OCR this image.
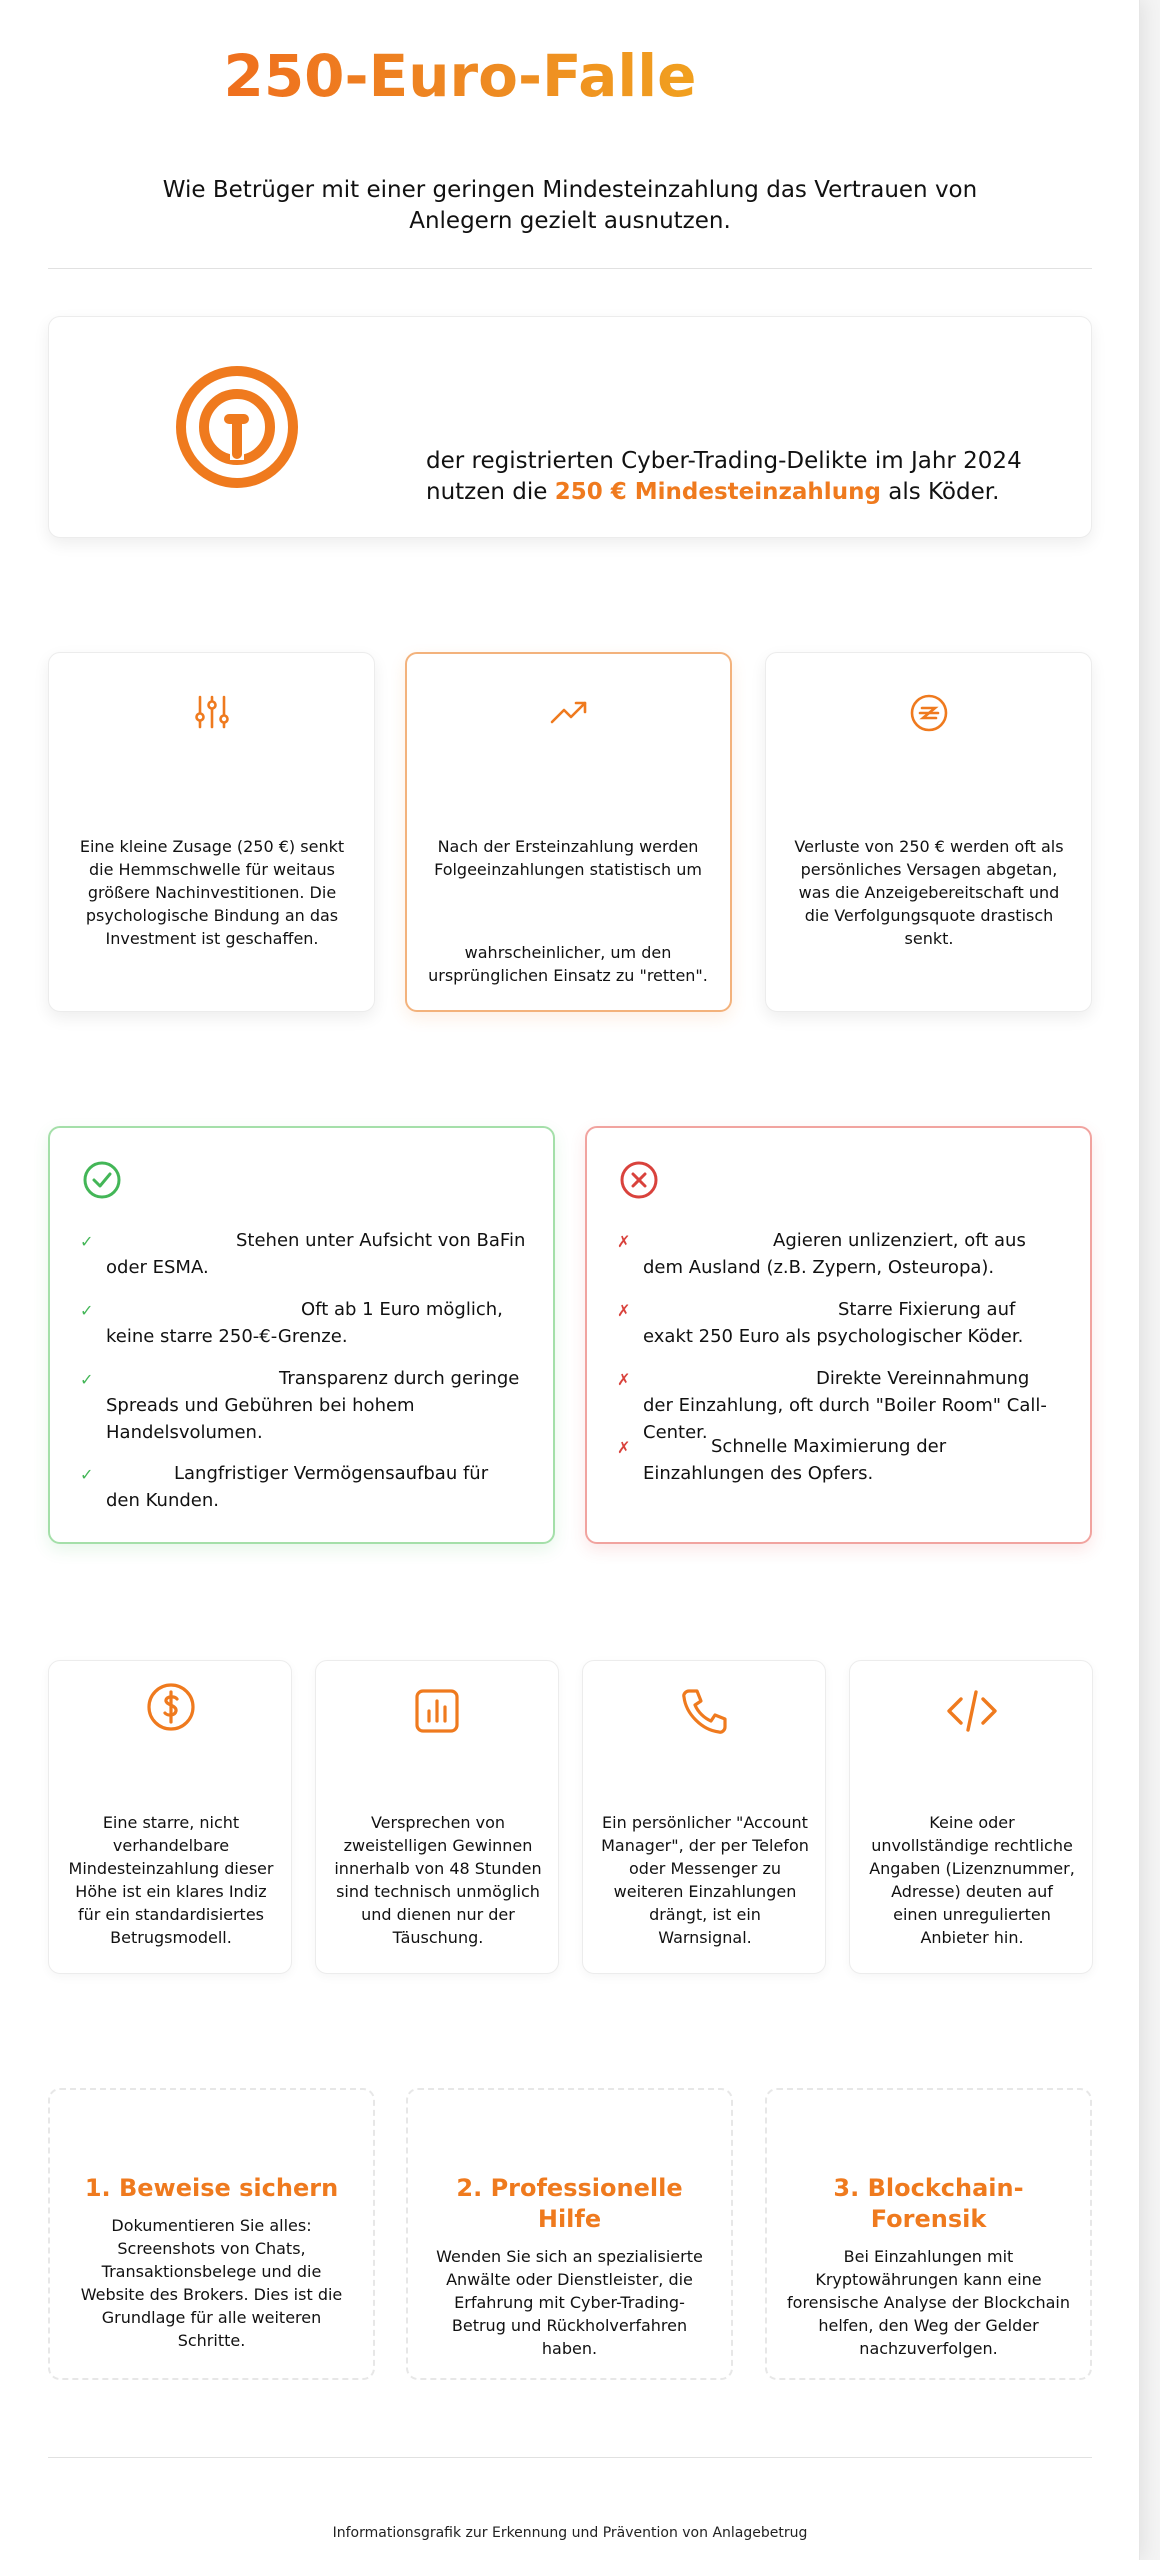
250-Euro-Falle

Wie Betrüger mit einer geringen Mindesteinzahlung das Vertrauen von Anlegern gezielt ausnutzen.

der registrierten Cyber-Trading-Delikte im Jahr 2024 nutzen die 250 € Mindesteinzahlung als Köder.

Eine kleine Zusage (250 €) senkt die Hemmschwelle für weitaus größere Nachinvestitionen. Die psychologische Bindung an das Investment ist geschaffen.

Nach der Ersteinzahlung werden Folgeeinzahlungen statistisch um

wahrscheinlicher, um den ursprünglichen Einsatz zu "retten".

Verluste von 250 € werden oft als persönliches Versagen abgetan, was die Anzeigebereitschaft und die Verfolgungsquote drastisch senkt.

✓	Stehen unter Aufsicht von BaFin oder ESMA.

✓	Oft ab 1 Euro möglich, keine starre 250-€-Grenze.

✓	Transparenz durch geringe Spreads und Gebühren bei hohem Handelsvolumen.

✓	Langfristiger Vermögensaufbau für den Kunden.

✗	Agieren unlizenziert, oft aus dem Ausland (z.B. Zypern, Osteuropa).

✗	Starre Fixierung auf exakt 250 Euro als psychologischer Köder.

✗	Direkte Vereinnahmung der Einzahlung, oft durch "Boiler Room" Call-Center.

✗	Schnelle Maximierung der Einzahlungen des Opfers.

Eine starre, nicht verhandelbare Mindesteinzahlung dieser Höhe ist ein klares Indiz für ein standardisiertes Betrugsmodell.

Versprechen von zweistelligen Gewinnen innerhalb von 48 Stunden sind technisch unmöglich und dienen nur der Täuschung.

Ein persönlicher "Account Manager", der per Telefon oder Messenger zu weiteren Einzahlungen drängt, ist ein Warnsignal.

Keine oder unvollständige rechtliche Angaben (Lizenznummer, Adresse) deuten auf einen unregulierten Anbieter hin.

1. Beweise sichern

Dokumentieren Sie alles: Screenshots von Chats, Transaktionsbelege und die Website des Brokers. Dies ist die Grundlage für alle weiteren Schritte.

2. Professionelle Hilfe

Wenden Sie sich an spezialisierte Anwälte oder Dienstleister, die Erfahrung mit Cyber-Trading-Betrug und Rückholverfahren haben.

3. Blockchain-Forensik

Bei Einzahlungen mit Kryptowährungen kann eine forensische Analyse der Blockchain helfen, den Weg der Gelder nachzuverfolgen.

Informationsgrafik zur Erkennung und Prävention von Anlagebetrug
